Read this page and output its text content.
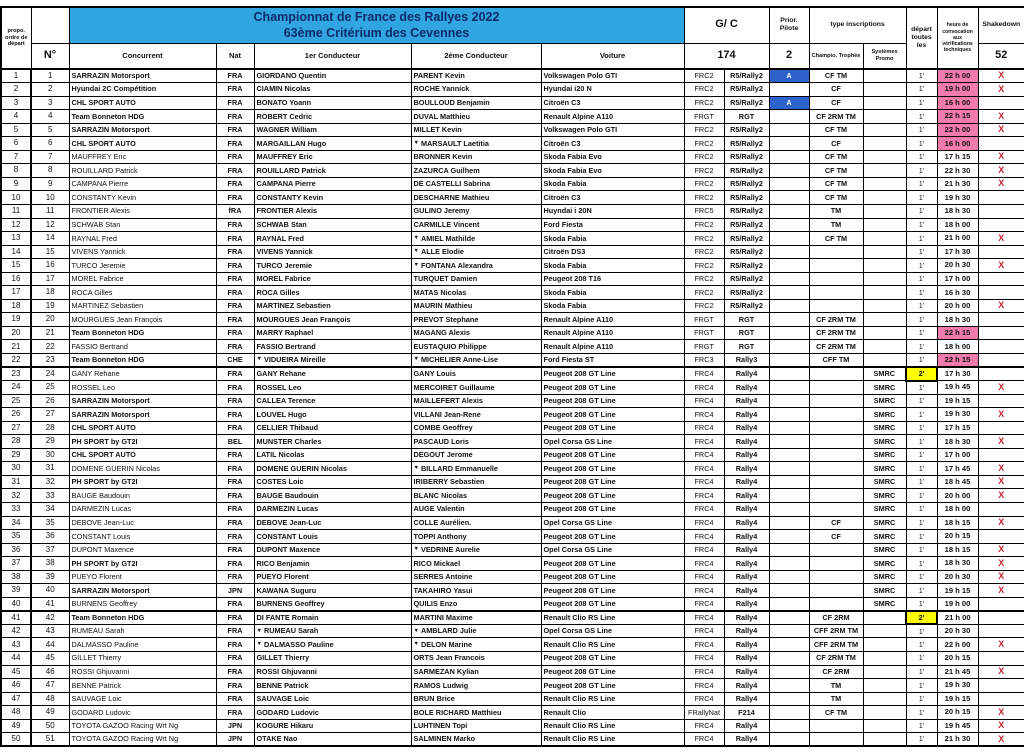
propo. ordre de départ		Championnat de France des Rallyes 2022
63ème Critérium des Cevennes					G/ C		Prior. Pilote	type inscriptions		départ toutes les	heure de convocation aux vérifications techniques	Shakedown
	N°	Concurrent	Nat	1er Conducteur	2ème Conducteur	Voiture	174		2	Champio. Trophée	Systèmes Promo			52
1	1	SARRAZIN Motorsport	FRA	GIORDANO Quentin	PARENT Kevin	Volkswagen Polo GTI	FRC2	R5/Rally2	A	CF TM		1'	22 h 00	X
2	2	Hyundai 2C Compétition	FRA	CIAMIN Nicolas	ROCHE Yannick	Hyundai i20 N	FRC2	R5/Rally2		CF		1'	19 h 00	X
3	3	CHL SPORT AUTO	FRA	BONATO Yoann	BOULLOUD Benjamin	Citroën C3	FRC2	R5/Rally2	A	CF		1'	16 h 00	
4	4	Team Bonneton HDG	FRA	ROBERT Cedric	DUVAL Matthieu	Renault Alpine A110	FRGT	RGT		CF 2RM TM		1'	22 h 15	X
5	5	SARRAZIN Motorsport	FRA	WAGNER William	MILLET Kevin	Volkswagen Polo GTI	FRC2	R5/Rally2		CF TM		1'	22 h 00	X
6	6	CHL SPORT AUTO	FRA	MARGAILLAN Hugo	▼ MARSAULT Laetitia	Citroën C3	FRC2	R5/Rally2		CF		1'	16 h 00	
7	7	MAUFFREY Eric	FRA	MAUFFREY Eric	BRONNER Kevin	Skoda Fabia Evo	FRC2	R5/Rally2		CF TM		1'	17 h 15	X
8	8	ROUILLARD Patrick	FRA	ROUILLARD Patrick	ZAZURCA Guilhem	Skoda Fabia Evo	FRC2	R5/Rally2		CF TM		1'	22 h 30	X
9	9	CAMPANA Pierre	FRA	CAMPANA Pierre	DE CASTELLI Sabrina	Skoda Fabia	FRC2	R5/Rally2		CF TM		1'	21 h 30	X
10	10	CONSTANTY Kevin	FRA	CONSTANTY Kevin	DESCHARNE Mathieu	Citroën C3	FRC2	R5/Rally2		CF TM		1'	19 h 30	
11	11	FRONTIER Alexis	fRA	FRONTIER Alexis	GULINO Jeremy	Huyndai i 20N	FRC5	R5/Rally2		TM		1'	18 h 30	
12	12	SCHWAB Stan	FRA	SCHWAB Stan	CARMILLE Vincent	Ford Fiesta	FRC2	R5/Rally2		TM		1'	18 h 00	
13	14	RAYNAL Fred	FRA	RAYNAL Fred	▼ AMIEL Mathilde	Skoda Fabia	FRC2	R5/Rally2		CF TM		1'	21 h 00	X
14	15	VIVENS Yannick	FRA	VIVENS Yannick	▼ ALLE Elodie	Citroën DS3	FRC2	R5/Rally2				1'	17 h 30	
15	16	TURCO Jeremie	FRA	TURCO Jeremie	▼ FONTANA Alexandra	Skoda Fabia	FRC2	R5/Rally2				1'	20 h 30	X
16	17	MOREL Fabrice	FRA	MOREL Fabrice	TURQUET Damien	Peugeot 208 T16	FRC2	R5/Rally2				1'	17 h 00	
17	18	ROCA Gilles	FRA	ROCA Gilles	MATAS Nicolas	Skoda Fabia	FRC2	R5/Rally2				1'	16 h 30	
18	19	MARTINEZ Sebastien	FRA	MARTINEZ Sebastien	MAURIN Mathieu	Skoda Fabia	FRC2	R5/Rally2				1'	20 h 00	X
19	20	MOURGUES Jean François	FRA	MOURGUES Jean François	PREVOT Stephane	Renault Alpine A110	FRGT	RGT		CF 2RM TM		1'	18 h 30	
20	21	Team Bonneton HDG	FRA	MARRY Raphael	MAGANG Alexis	Renault Alpine A110	FRGT	RGT		CF 2RM TM		1'	22 h 15	
21	22	FASSIO Bertrand	FRA	FASSIO Bertrand	EUSTAQUIO Philippe	Renault Alpine A110	FRGT	RGT		CF 2RM TM		1'	18 h 00	
22	23	Team Bonneton HDG	CHE	▼ VIDUEIRA Mireille	▼ MICHELIER Anne-Lise	Ford Fiesta ST	FRC3	Rally3		CFF TM		1'	22 h 15	
23	24	GANY Rehane	FRA	GANY Rehane	GANY Louis	Peugeot 208 GT Line	FRC4	Rally4			SMRC	2'	17 h 30	
24	25	ROSSEL Leo	FRA	ROSSEL Leo	MERCOIRET Guillaume	Peugeot 208 GT Line	FRC4	Rally4			SMRC	1'	19 h 45	X
25	26	SARRAZIN Motorsport	FRA	CALLEA Terence	MAILLEFERT Alexis	Peugeot 208 GT Line	FRC4	Rally4			SMRC	1'	19 h 15	
26	27	SARRAZIN Motorsport	FRA	LOUVEL Hugo	VILLANI Jean-Rene	Peugeot 208 GT Line	FRC4	Rally4			SMRC	1'	19 h 30	X
27	28	CHL SPORT AUTO	FRA	CELLIER Thibaud	COMBE Geoffrey	Peugeot 208 GT Line	FRC4	Rally4			SMRC	1'	17 h 15	
28	29	PH SPORT by GT2I	BEL	MUNSTER Charles	PASCAUD Loris	Opel Corsa GS Line	FRC4	Rally4			SMRC	1'	18 h 30	X
29	30	CHL SPORT AUTO	FRA	LATIL Nicolas	DEGOUT Jerome	Peugeot 208 GT Line	FRC4	Rally4			SMRC	1'	17 h 00	
30	31	DOMENE GUERIN Nicolas	FRA	DOMENE GUERIN Nicolas	▼ BILLARD Emmanuelle	Peugeot 208 GT Line	FRC4	Rally4			SMRC	1'	17 h 45	X
31	32	PH SPORT by GT2I	FRA	COSTES Loic	IRIBERRY Sebastien	Peugeot 208 GT Line	FRC4	Rally4			SMRC	1'	18 h 45	X
32	33	BAUGE Baudouin	FRA	BAUGE Baudouin	BLANC Nicolas	Peugeot 208 GT Line	FRC4	Rally4			SMRC	1'	20 h 00	X
33	34	DARMEZIN Lucas	FRA	DARMEZIN Lucas	AUGE Valentin	Peugeot 208 GT Line	FRC4	Rally4			SMRC	1'	18 h 00	
34	35	DEBOVE Jean-Luc	FRA	DEBOVE Jean-Luc	COLLE Aurélien.	Opel Corsa GS Line	FRC4	Rally4		CF	SMRC	1'	18 h 15	X
35	36	CONSTANT Louis	FRA	CONSTANT Louis	TOPPI Anthony	Peugeot 208 GT Line	FRC4	Rally4		CF	SMRC	1'	20 h 15	
36	37	DUPONT Maxence	FRA	DUPONT Maxence	▼ VEDRINE Aurelie	Opel Corsa GS Line	FRC4	Rally4			SMRC	1'	18 h 15	X
37	38	PH SPORT by GT2I	FRA	RICO Benjamin	RICO Mickael	Peugeot 208 GT Line	FRC4	Rally4			SMRC	1'	18 h 30	X
38	39	PUEYO Florent	FRA	PUEYO Florent	SERRES Antoine	Peugeot 208 GT Line	FRC4	Rally4			SMRC	1'	20 h 30	X
39	40	SARRAZIN Motorsport	JPN	KAWANA Suguru	TAKAHIRO Yasui	Peugeot 208 GT Line	FRC4	Rally4			SMRC	1'	19 h 15	X
40	41	BURNENS Geoffrey	FRA	BURNENS Geoffrey	QUILIS Enzo	Peugeot 208 GT Line	FRC4	Rally4			SMRC	1'	19 h 00	
41	42	Team Bonneton HDG	FRA	DI FANTE Romain	MARTINI Maxime	Renault Clio RS Line	FRC4	Rally4		CF 2RM		2'	21 h 00	
42	43	RUMEAU Sarah	FRA	▼ RUMEAU Sarah	▼ AMBLARD Julie	Opel Corsa GS Line	FRC4	Rally4		CFF 2RM TM		1'	20 h 30	
43	44	DALMASSO Pauline	FRA	▼ DALMASSO Pauline	▼ DELON Marine	Renault Clio RS Line	FRC4	Rally4		CFF 2RM TM		1'	22 h 00	X
44	45	GILLET Thierry	FRA	GILLET Thierry	ORTS Jean Francois	Peugeot 208 GT Line	FRC4	Rally4		CF 2RM TM		1'	20 h 15	
45	46	ROSSI Ghjuvanni	FRA	ROSSI Ghjuvanni	SARMEZAN Kylian	Peugeot 208 GT Line	FRC4	Rally4		CF 2RM		1'	21 h 45	X
46	47	BENNE Patrick	FRA	BENNE Patrick	RAMOS Ludwig	Peugeot 208 GT Line	FRC4	Rally4		TM		1'	19 h 30	
47	48	SAUVAGE Loic	FRA	SAUVAGE Loic	BRUN Brice	Renault Clio RS Line	FRC4	Rally4		TM		1'	19 h 15	
48	49	GODARD Ludovic	FRA	GODARD Ludovic	BOLE RICHARD Matthieu	Renault Clio	FRallyNat	F214		CF TM		1'	20 h 15	X
49	50	TOYOTA GAZOO Racing Wrt Ng	JPN	KOGURE Hikaru	LUHTINEN Topi	Renault Clio RS Line	FRC4	Rally4				1'	19 h 45	X
50	51	TOYOTA GAZOO Racing Wrt Ng	JPN	OTAKE Nao	SALMINEN Marko	Renault Clio RS Line	FRC4	Rally4				1'	21 h 30	X
